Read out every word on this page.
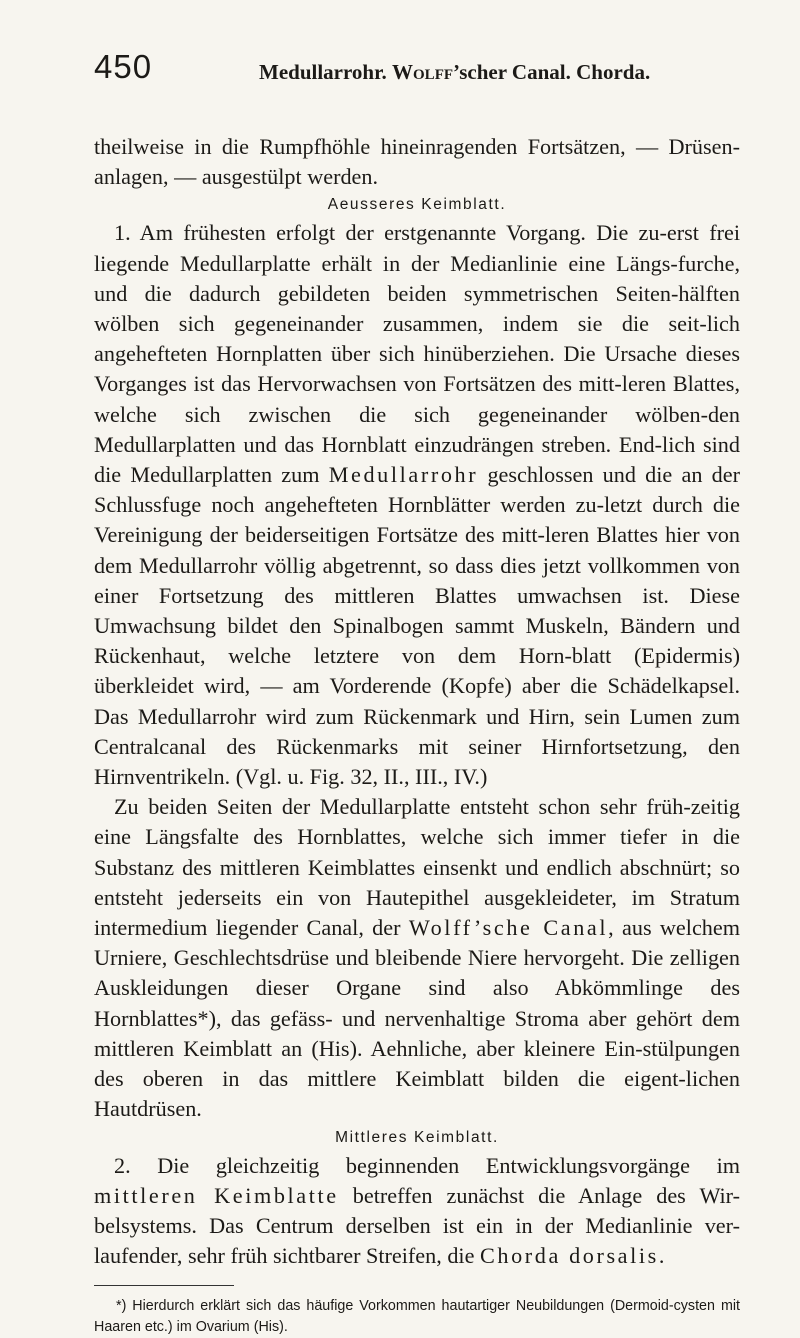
450	Medullarrohr. Wolff’scher Canal. Chorda.

theilweise in die Rumpfhöhle hineinragenden Fortsätzen, — Drüsen-anlagen, — ausgestülpt werden.

Aeusseres Keimblatt.

1. Am frühesten erfolgt der erstgenannte Vorgang. Die zu-erst frei liegende Medullarplatte erhält in der Medianlinie eine Längs-furche, und die dadurch gebildeten beiden symmetrischen Seiten-hälften wölben sich gegeneinander zusammen, indem sie die seit-lich angehefteten Hornplatten über sich hinüberziehen. Die Ursache dieses Vorganges ist das Hervorwachsen von Fortsätzen des mitt-leren Blattes, welche sich zwischen die sich gegeneinander wölben-den Medullarplatten und das Hornblatt einzudrängen streben. End-lich sind die Medullarplatten zum Medullarrohr geschlossen und die an der Schlussfuge noch angehefteten Hornblätter werden zu-letzt durch die Vereinigung der beiderseitigen Fortsätze des mitt-leren Blattes hier von dem Medullarrohr völlig abgetrennt, so dass dies jetzt vollkommen von einer Fortsetzung des mittleren Blattes umwachsen ist. Diese Umwachsung bildet den Spinalbogen sammt Muskeln, Bändern und Rückenhaut, welche letztere von dem Horn-blatt (Epidermis) überkleidet wird, — am Vorderende (Kopfe) aber die Schädelkapsel. Das Medullarrohr wird zum Rückenmark und Hirn, sein Lumen zum Centralcanal des Rückenmarks mit seiner Hirnfortsetzung, den Hirnventrikeln. (Vgl. u. Fig. 32, II., III., IV.)

Zu beiden Seiten der Medullarplatte entsteht schon sehr früh-zeitig eine Längsfalte des Hornblattes, welche sich immer tiefer in die Substanz des mittleren Keimblattes einsenkt und endlich abschnürt; so entsteht jederseits ein von Hautepithel ausgekleideter, im Stratum intermedium liegender Canal, der Wolff’sche Canal, aus welchem Urniere, Geschlechtsdrüse und bleibende Niere hervorgeht. Die zelligen Auskleidungen dieser Organe sind also Abkömmlinge des Hornblattes*), das gefäss- und nervenhaltige Stroma aber gehört dem mittleren Keimblatt an (His). Aehnliche, aber kleinere Ein-stülpungen des oberen in das mittlere Keimblatt bilden die eigent-lichen Hautdrüsen.

Mittleres Keimblatt.

2. Die gleichzeitig beginnenden Entwicklungsvorgänge im mittleren Keimblatte betreffen zunächst die Anlage des Wir-belsystems. Das Centrum derselben ist ein in der Medianlinie ver-laufender, sehr früh sichtbarer Streifen, die Chorda dorsalis.

*) Hierdurch erklärt sich das häufige Vorkommen hautartiger Neubildungen (Dermoid-cysten mit Haaren etc.) im Ovarium (His).
